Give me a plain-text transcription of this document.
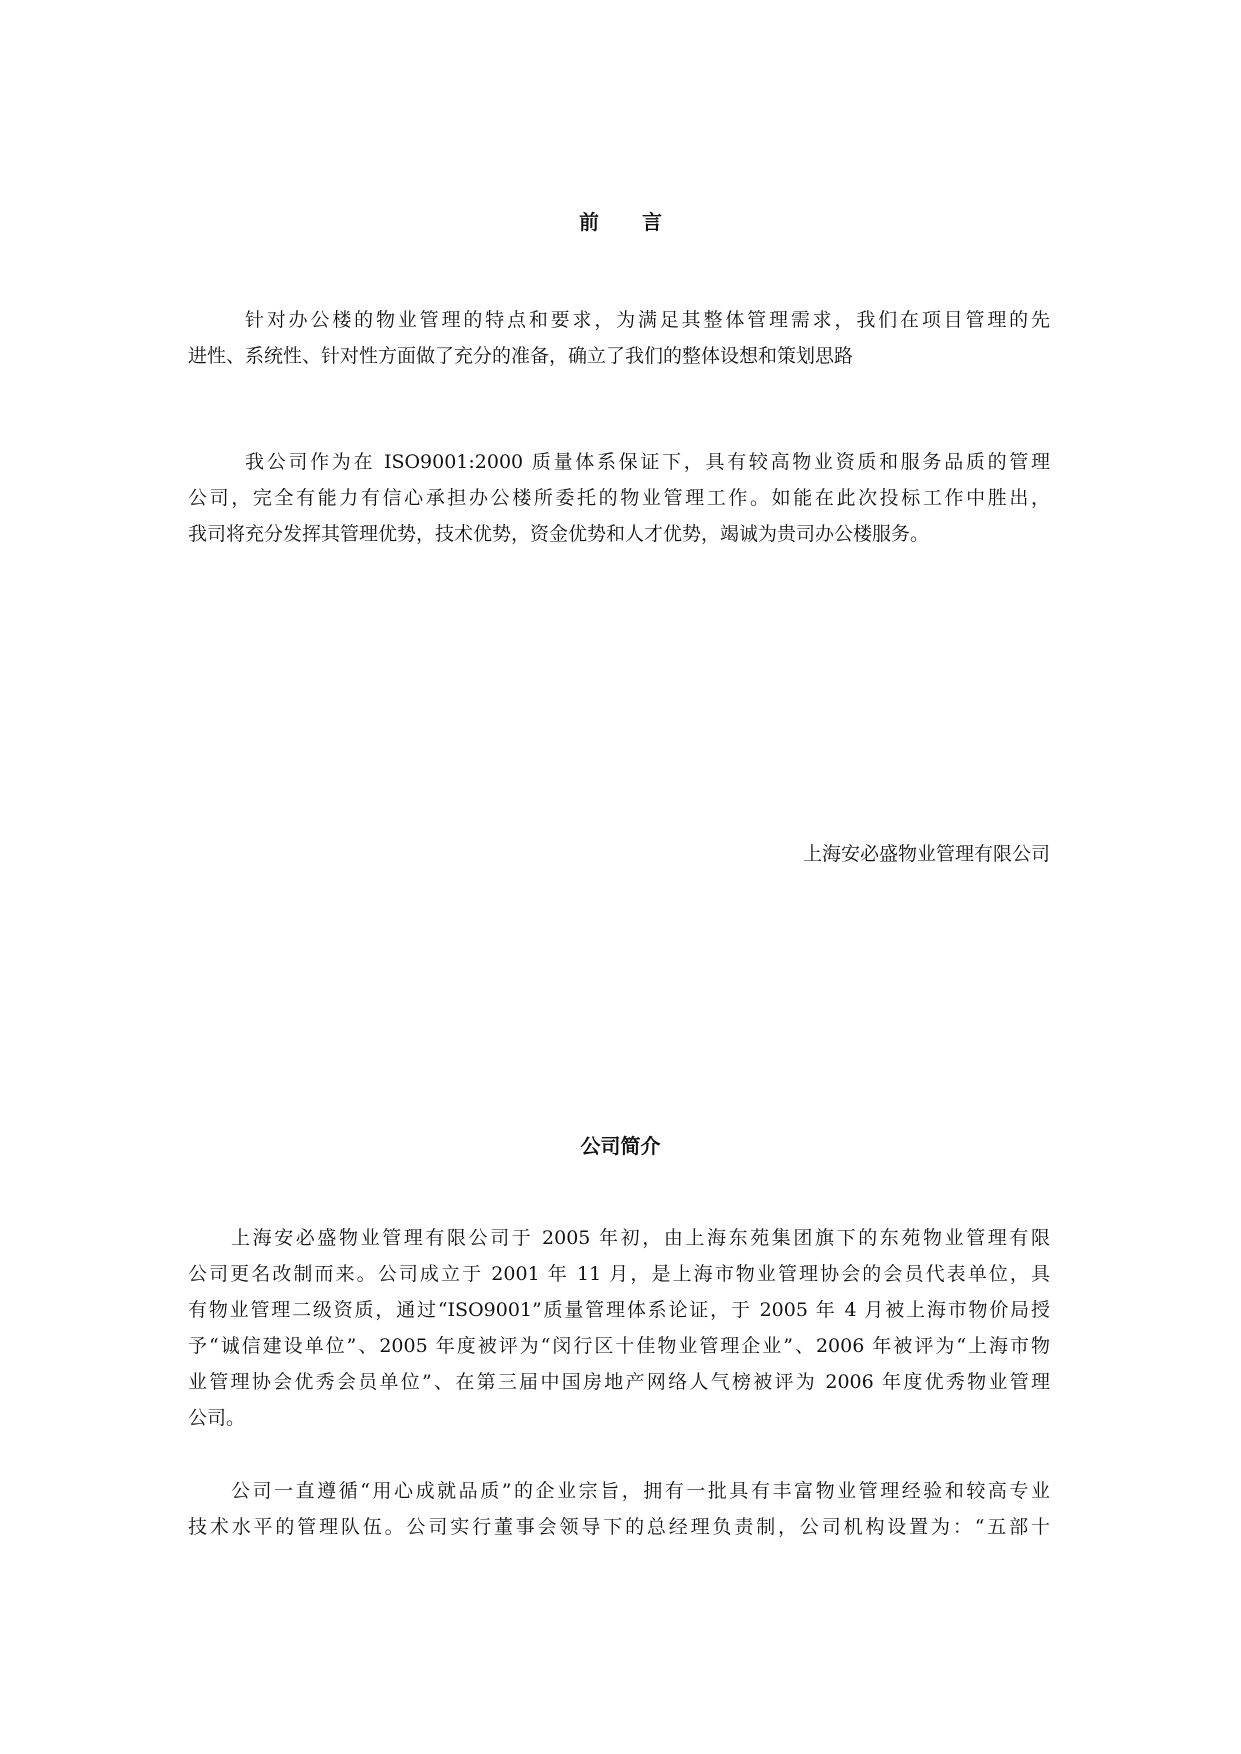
前 言
针对办公楼的物业管理的特点和要求，为满足其整体管理需求，我们在项目管理的先
进性、系统性、针对性方面做了充分的准备，确立了我们的整体设想和策划思路
我公司作为在 ISO9001:2000 质量体系保证下，具有较高物业资质和服务品质的管理
公司，完全有能力有信心承担办公楼所委托的物业管理工作。如能在此次投标工作中胜出，
我司将充分发挥其管理优势，技术优势，资金优势和人才优势，竭诚为贵司办公楼服务。

上海安必盛物业管理有限公司

公司简介
上海安必盛物业管理有限公司于 2005 年初，由上海东苑集团旗下的东苑物业管理有限
公司更名改制而来。公司成立于 2001 年 11 月，是上海市物业管理协会的会员代表单位，具
有物业管理二级资质，通过“ISO9001”质量管理体系论证，于 2005 年 4 月被上海市物价局授
予“诚信建设单位”、2005 年度被评为“闵行区十佳物业管理企业”、2006 年被评为“上海市物
业管理协会优秀会员单位”、在第三届中国房地产网络人气榜被评为 2006 年度优秀物业管理
公司。
公司一直遵循“用心成就品质”的企业宗旨，拥有一批具有丰富物业管理经验和较高专业
技术水平的管理队伍。公司实行董事会领导下的总经理负责制，公司机构设置为：“五部十
